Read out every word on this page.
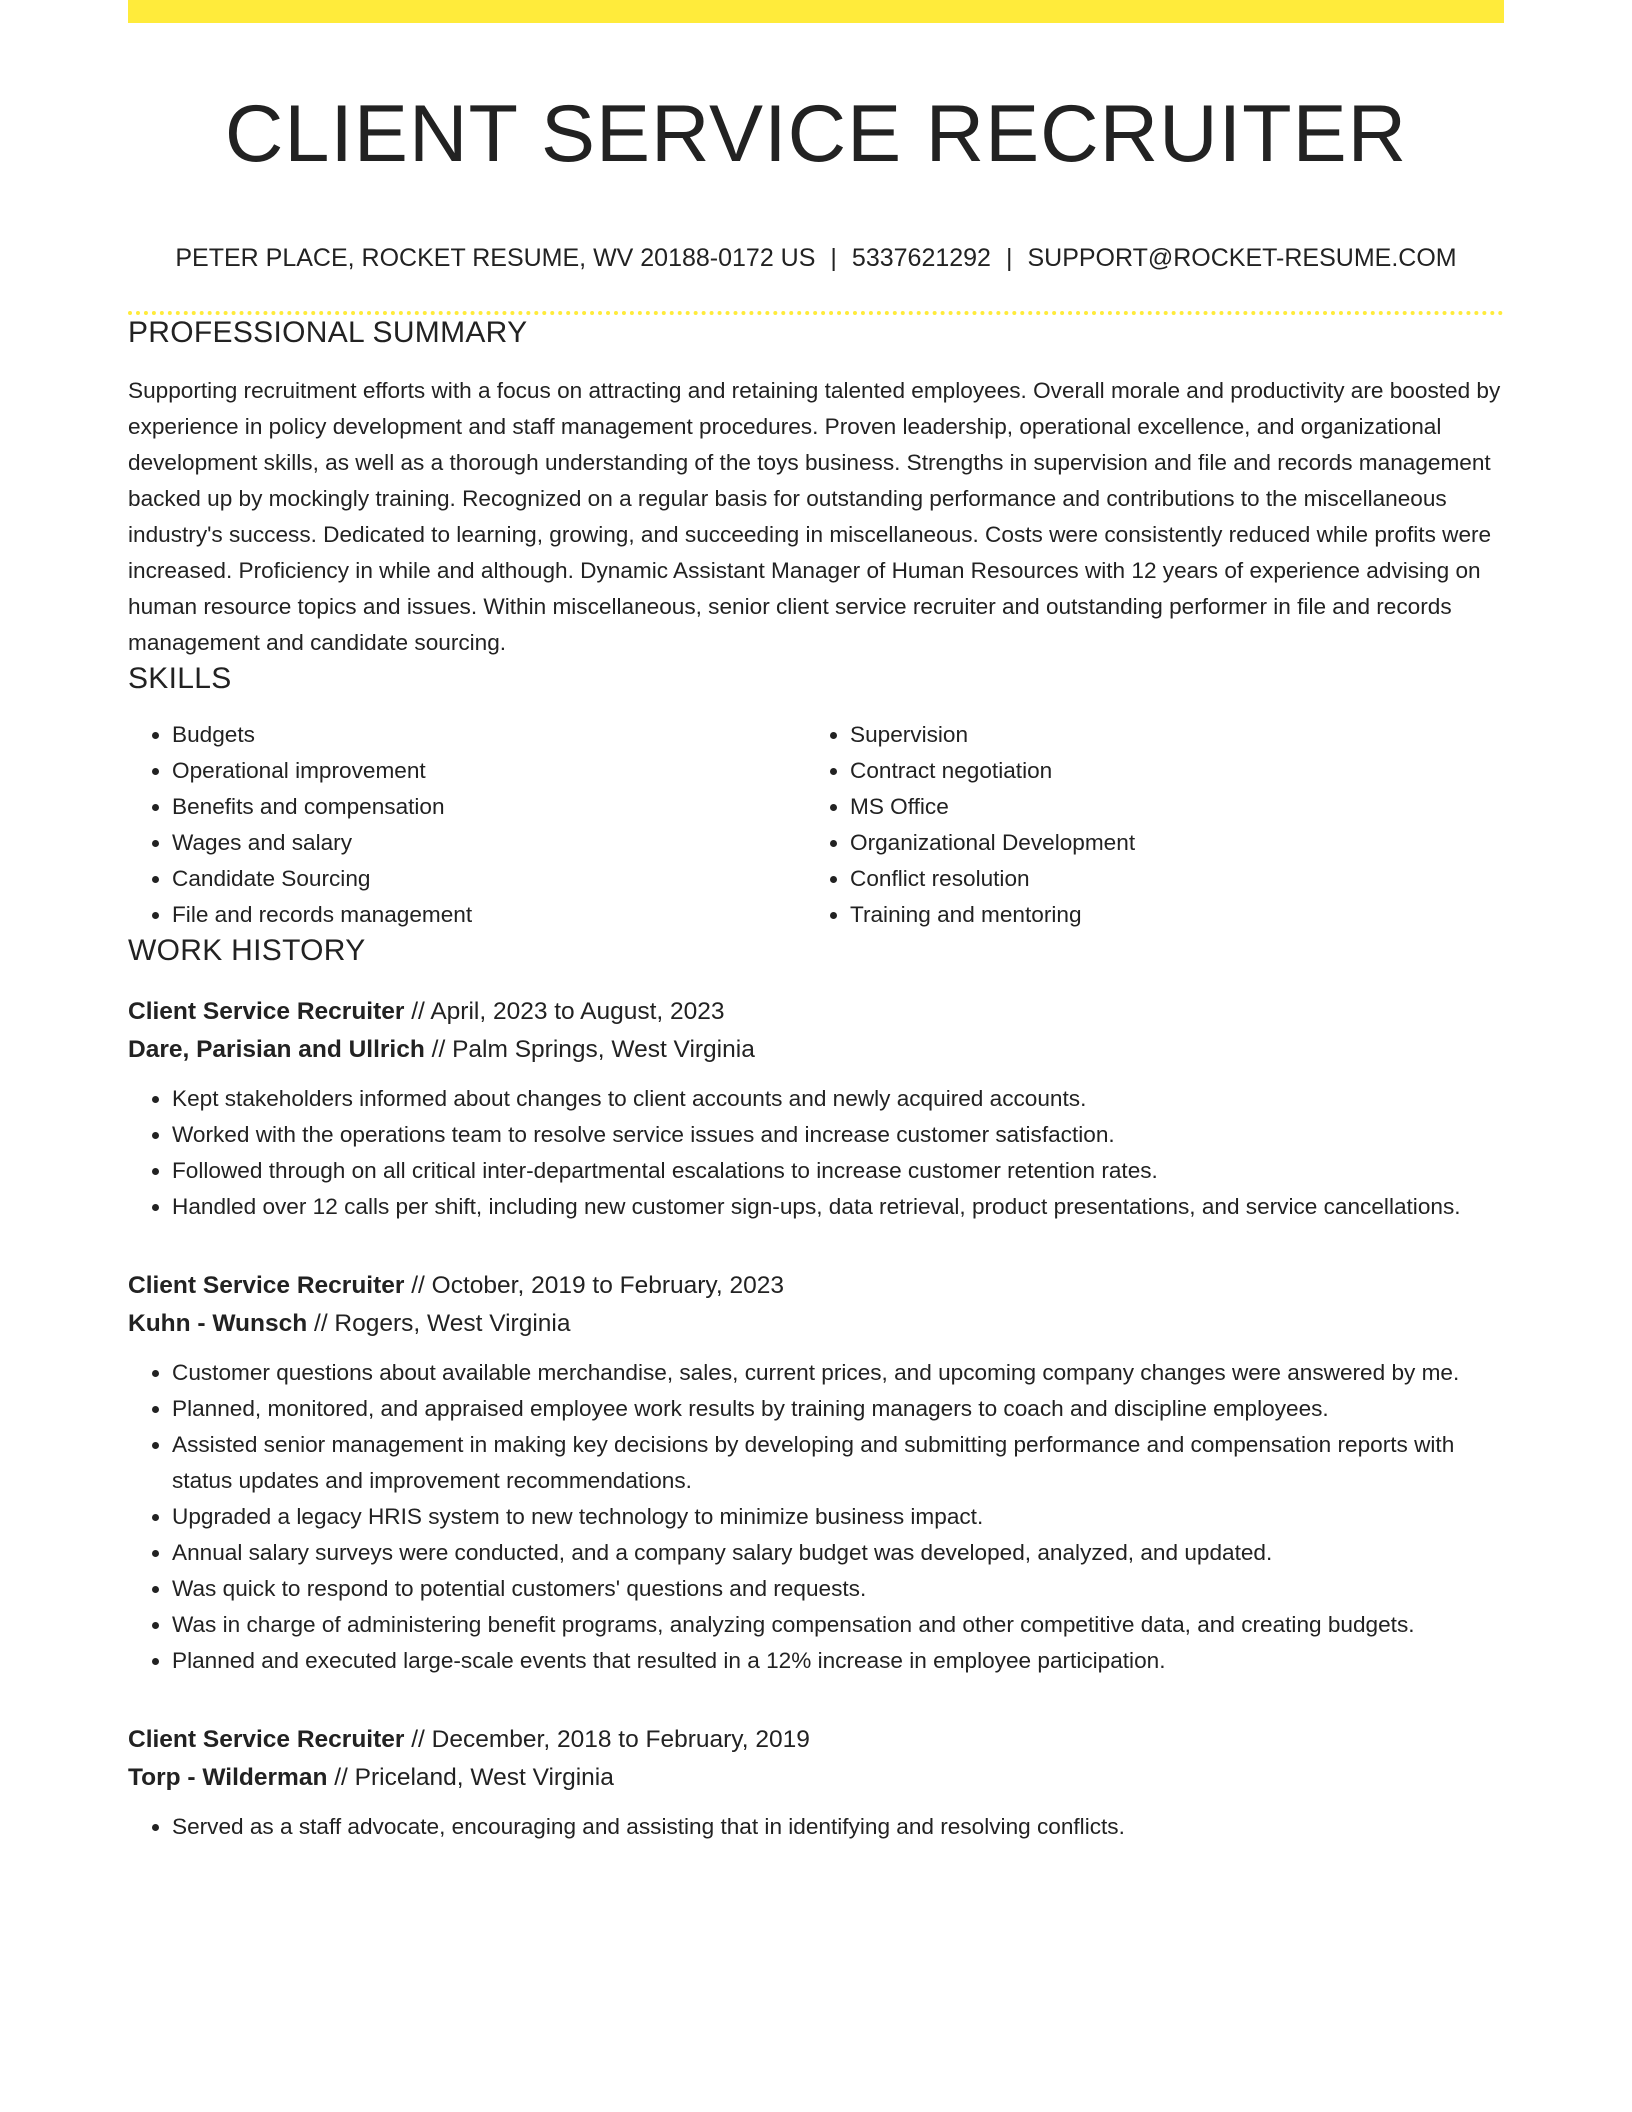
CLIENT SERVICE RECRUITER
PETER PLACE, ROCKET RESUME, WV 20188-0172 US | 5337621292 | SUPPORT@ROCKET-RESUME.COM
PROFESSIONAL SUMMARY

Supporting recruitment efforts with a focus on attracting and retaining talented employees. Overall morale and productivity are boosted by experience in policy development and staff management procedures. Proven leadership, operational excellence, and organizational development skills, as well as a thorough understanding of the toys business. Strengths in supervision and file and records management backed up by mockingly training. Recognized on a regular basis for outstanding performance and contributions to the miscellaneous industry's success. Dedicated to learning, growing, and succeeding in miscellaneous. Costs were consistently reduced while profits were increased. Proficiency in while and although. Dynamic Assistant Manager of Human Resources with 12 years of experience advising on human resource topics and issues. Within miscellaneous, senior client service recruiter and outstanding performer in file and records management and candidate sourcing.

SKILLS
• Budgets
• Operational improvement
• Benefits and compensation
• Wages and salary
• Candidate Sourcing
• File and records management
• Supervision
• Contract negotiation
• MS Office
• Organizational Development
• Conflict resolution
• Training and mentoring
WORK HISTORY
Client Service Recruiter // April, 2023 to August, 2023
Dare, Parisian and Ullrich // Palm Springs, West Virginia
• Kept stakeholders informed about changes to client accounts and newly acquired accounts.
• Worked with the operations team to resolve service issues and increase customer satisfaction.
• Followed through on all critical inter-departmental escalations to increase customer retention rates.
• Handled over 12 calls per shift, including new customer sign-ups, data retrieval, product presentations, and service cancellations.
Client Service Recruiter // October, 2019 to February, 2023
Kuhn - Wunsch // Rogers, West Virginia
• Customer questions about available merchandise, sales, current prices, and upcoming company changes were answered by me.
• Planned, monitored, and appraised employee work results by training managers to coach and discipline employees.
• Assisted senior management in making key decisions by developing and submitting performance and compensation reports with status updates and improvement recommendations.
• Upgraded a legacy HRIS system to new technology to minimize business impact.
• Annual salary surveys were conducted, and a company salary budget was developed, analyzed, and updated.
• Was quick to respond to potential customers' questions and requests.
• Was in charge of administering benefit programs, analyzing compensation and other competitive data, and creating budgets.
• Planned and executed large-scale events that resulted in a 12% increase in employee participation.
Client Service Recruiter // December, 2018 to February, 2019
Torp - Wilderman // Priceland, West Virginia
• Served as a staff advocate, encouraging and assisting that in identifying and resolving conflicts.
